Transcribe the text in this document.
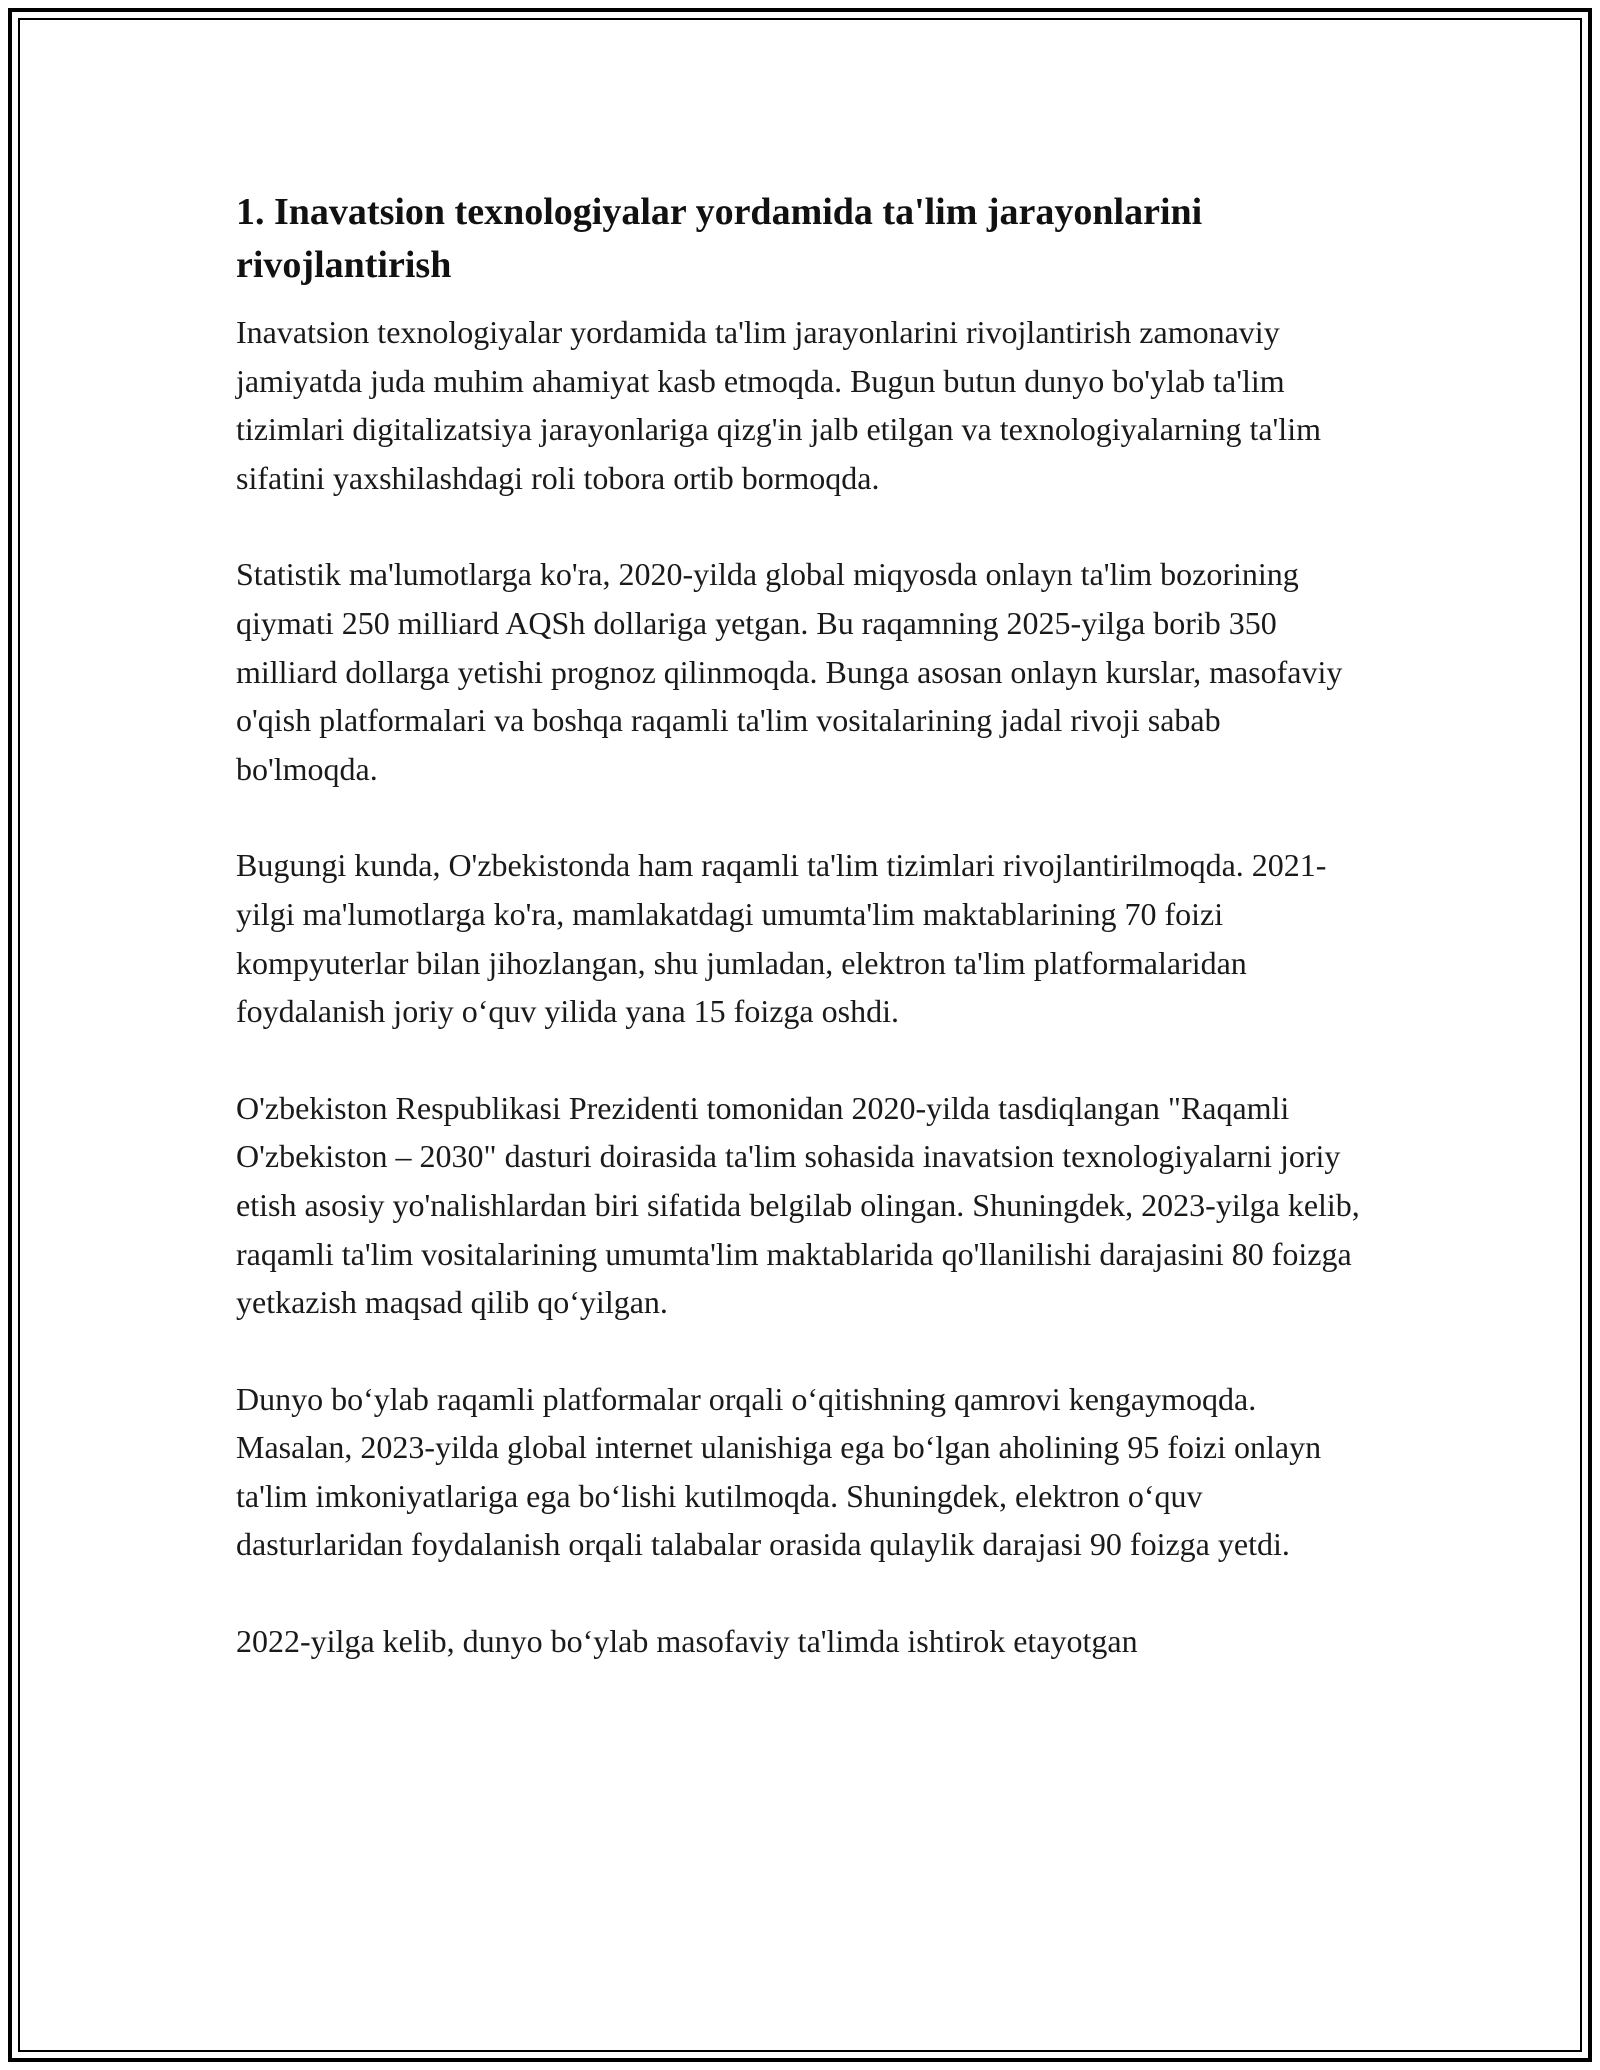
1. Inavatsion texnologiyalar yordamida ta'lim jarayonlarini rivojlantirish

Inavatsion texnologiyalar yordamida ta'lim jarayonlarini rivojlantirish zamonaviy jamiyatda juda muhim ahamiyat kasb etmoqda. Bugun butun dunyo bo'ylab ta'lim tizimlari digitalizatsiya jarayonlariga qizg'in jalb etilgan va texnologiyalarning ta'lim sifatini yaxshilashdagi roli tobora ortib bormoqda.

Statistik ma'lumotlarga ko'ra, 2020-yilda global miqyosda onlayn ta'lim bozorining qiymati 250 milliard AQSh dollariga yetgan. Bu raqamning 2025-yilga borib 350 milliard dollarga yetishi prognoz qilinmoqda. Bunga asosan onlayn kurslar, masofaviy o'qish platformalari va boshqa raqamli ta'lim vositalarining jadal rivoji sabab bo'lmoqda.

Bugungi kunda, O'zbekistonda ham raqamli ta'lim tizimlari rivojlantirilmoqda. 2021-yilgi ma'lumotlarga ko'ra, mamlakatdagi umumta'lim maktablarining 70 foizi kompyuterlar bilan jihozlangan, shu jumladan, elektron ta'lim platformalaridan foydalanish joriy o‘quv yilida yana 15 foizga oshdi.

O'zbekiston Respublikasi Prezidenti tomonidan 2020-yilda tasdiqlangan "Raqamli O'zbekiston – 2030" dasturi doirasida ta'lim sohasida inavatsion texnologiyalarni joriy etish asosiy yo'nalishlardan biri sifatida belgilab olingan. Shuningdek, 2023-yilga kelib, raqamli ta'lim vositalarining umumta'lim maktablarida qo'llanilishi darajasini 80 foizga yetkazish maqsad qilib qo‘yilgan.

Dunyo bo‘ylab raqamli platformalar orqali o‘qitishning qamrovi kengaymoqda. Masalan, 2023-yilda global internet ulanishiga ega bo‘lgan aholining 95 foizi onlayn ta'lim imkoniyatlariga ega bo‘lishi kutilmoqda. Shuningdek, elektron o‘quv dasturlaridan foydalanish orqali talabalar orasida qulaylik darajasi 90 foizga yetdi.

2022-yilga kelib, dunyo bo‘ylab masofaviy ta'limda ishtirok etayotgan
